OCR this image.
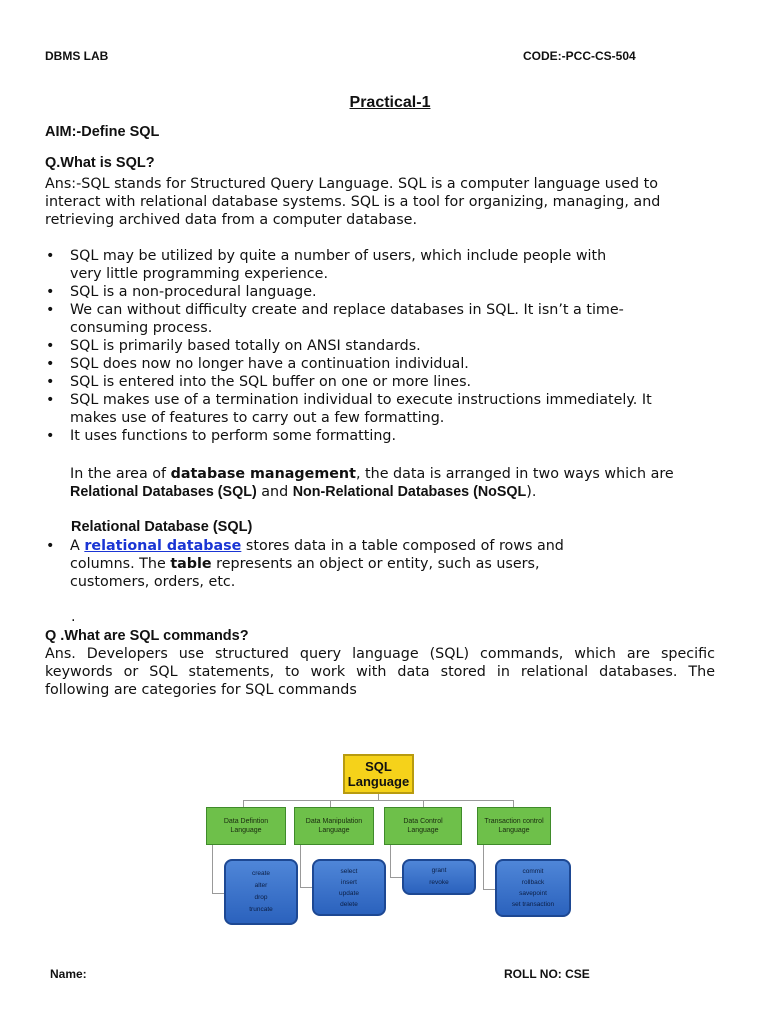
DBMS LAB	CODE:-PCC-CS-504
Practical-1
AIM:-Define SQL
Q.What is SQL?
Ans:-SQL stands for Structured Query Language. SQL is a computer language used to
interact with relational database systems. SQL is a tool for organizing, managing, and
retrieving archived data from a computer database.
• SQL may be utilized by quite a number of users, which include people with
very little programming experience.
• SQL is a non-procedural language.
• We can without difficulty create and replace databases in SQL. It isn’t a time-
consuming process.
• SQL is primarily based totally on ANSI standards.
• SQL does now no longer have a continuation individual.
• SQL is entered into the SQL buffer on one or more lines.
• SQL makes use of a termination individual to execute instructions immediately. It
makes use of features to carry out a few formatting.
• It uses functions to perform some formatting.
In the area of database management, the data is arranged in two ways which are
Relational Databases (SQL) and Non-Relational Databases (NoSQL).
Relational Database (SQL)
• A relational database stores data in a table composed of rows and
columns. The table represents an object or entity, such as users,
customers, orders, etc.
.
Q .What are SQL commands?
Ans. Developers use structured query language (SQL) commands, which are specific
keywords or SQL statements, to work with data stored in relational databases. The
following are categories for SQL commands
SQL
Language
Data Defintion
Language
Data Manipulation
Language
Data Control
Language
Transaction control
Language
create
alter
drop
truncate
select
insert
update
delete
grant
revoke
commit
rollback
savepoint
set transaction
Name:	ROLL NO: CSE
